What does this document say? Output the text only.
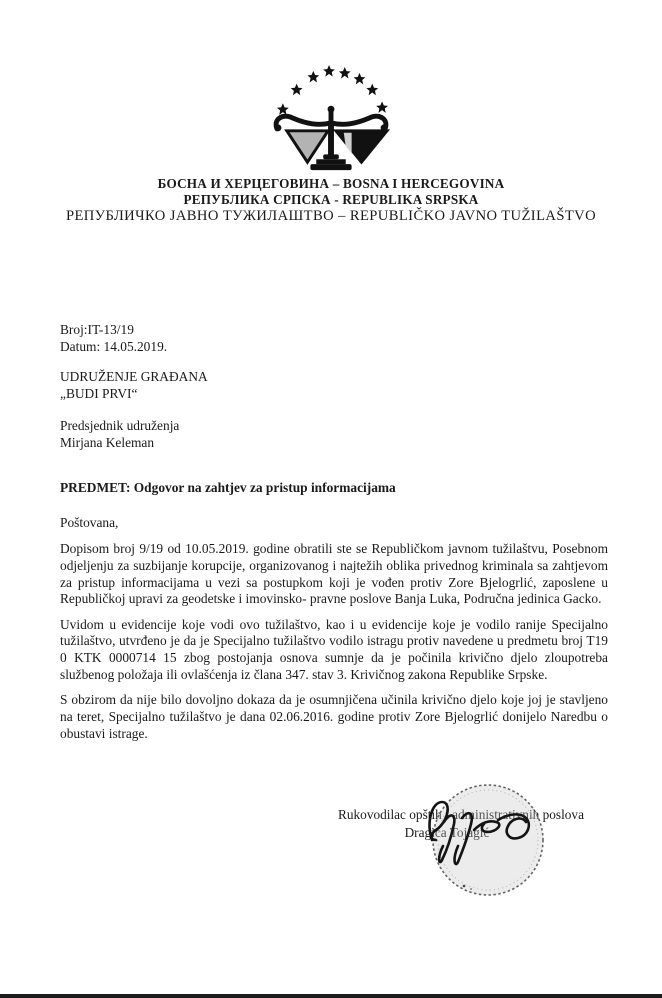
БОСНА И ХЕРЦЕГОВИНА – BOSNA I HERCEGOVINA
РЕПУБЛИКА СРПСКА - REPUBLIKA SRPSKA
РЕПУБЛИЧКО ЈАВНО ТУЖИЛАШТВО – REPUBLIČKO JAVNO TUŽILAŠTVO
Broj:IT-13/19
Datum: 14.05.2019.
UDRUŽENJE GRAĐANA
„BUDI PRVI“
Predsjednik udruženja
Mirjana Keleman
PREDMET: Odgovor na zahtjev za pristup informacijama
Poštovana,

Dopisom broj 9/19 od 10.05.2019. godine obratili ste se Republičkom javnom tužilaštvu, Posebnom odjeljenju za suzbijanje korupcije, organizovanog i najtežih oblika privednog kriminala sa zahtjevom za pristup informacijama u vezi sa postupkom koji je vođen protiv Zore Bjelogrlić, zaposlene u Republičkoj upravi za geodetske i imovinsko- pravne poslove Banja Luka, Područna jedinica Gacko.

Uvidom u evidencije koje vodi ovo tužilaštvo, kao i u evidencije koje je vodilo ranije Specijalno tužilaštvo, utvrđeno je da je Specijalno tužilaštvo vodilo istragu protiv navedene u predmetu broj T19 0 KTK 0000714 15 zbog postojanja osnova sumnje da je počinila krivično djelo zloupotreba službenog položaja ili ovlašćenja iz člana 347. stav 3. Krivičnog zakona Republike Srpske.

S obzirom da nije bilo dovoljno dokaza da je osumnjičena učinila krivično djelo koje joj je stavljeno na teret, Specijalno tužilaštvo je dana 02.06.2016. godine protiv Zore Bjelogrlić donijelo Naredbu o obustavi istrage.

Rukovodilac opštih i administrativnih poslova
Dragica Tojagić
